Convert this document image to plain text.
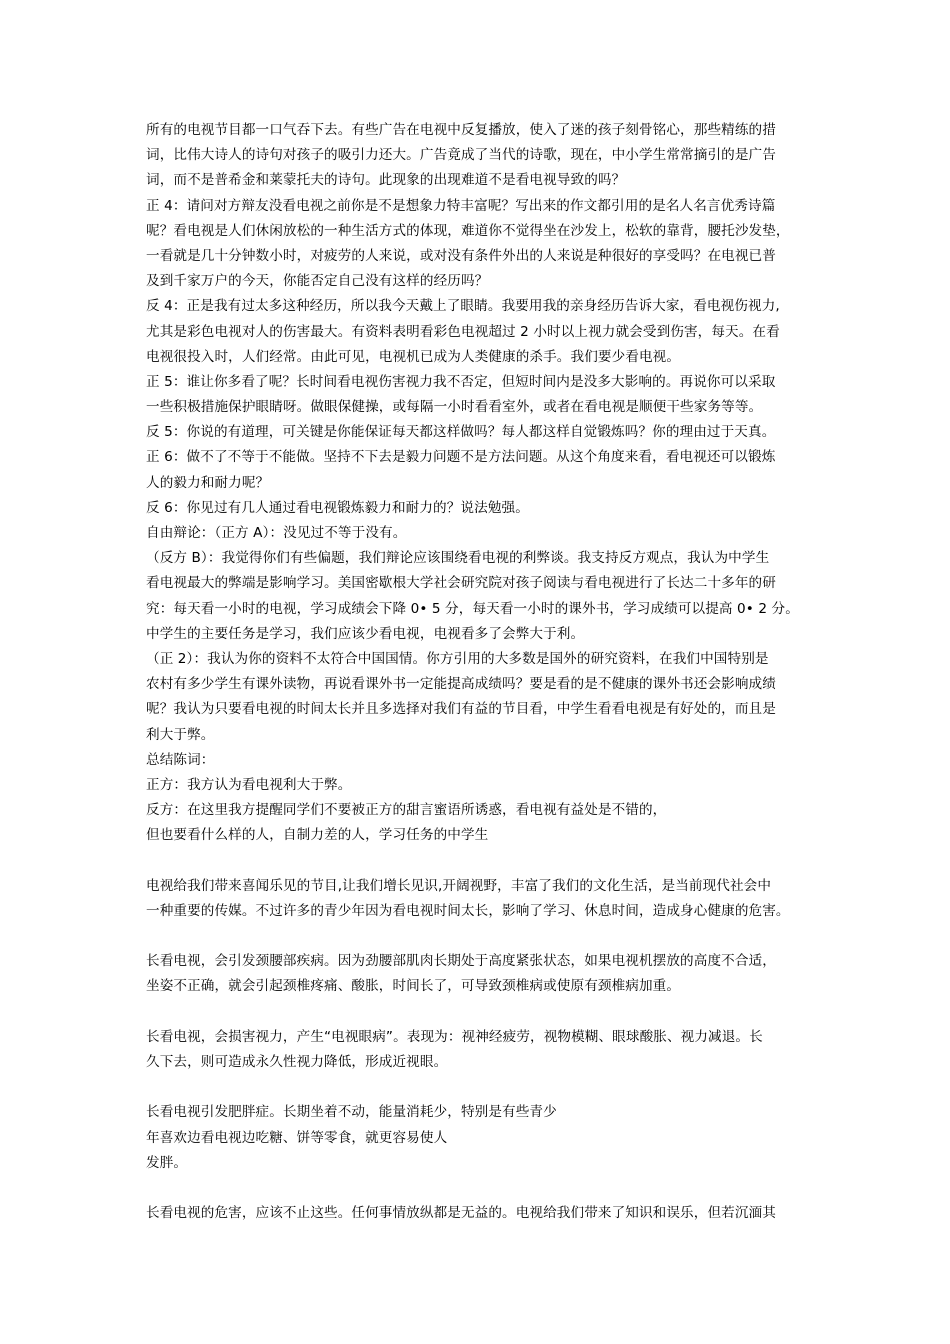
所有的电视节目都一口气吞下去。有些广告在电视中反复播放，使入了迷的孩子刻骨铭心，那些精练的措
词，比伟大诗人的诗句对孩子的吸引力还大。广告竟成了当代的诗歌，现在，中小学生常常摘引的是广告
词，而不是普希金和莱蒙托夫的诗句。此现象的出现难道不是看电视导致的吗？
正 4：请问对方辩友没看电视之前你是不是想象力特丰富呢？写出来的作文都引用的是名人名言优秀诗篇
呢？看电视是人们休闲放松的一种生活方式的体现，难道你不觉得坐在沙发上，松软的靠背，腰托沙发垫，
一看就是几十分钟数小时，对疲劳的人来说，或对没有条件外出的人来说是种很好的享受吗？在电视已普
及到千家万户的今天，你能否定自己没有这样的经历吗？
反 4：正是我有过太多这种经历，所以我今天戴上了眼睛。我要用我的亲身经历告诉大家，看电视伤视力,
尤其是彩色电视对人的伤害最大。有资料表明看彩色电视超过 2 小时以上视力就会受到伤害，每天。在看
电视很投入时，人们经常。由此可见，电视机已成为人类健康的杀手。我们要少看电视。
正 5：谁让你多看了呢？长时间看电视伤害视力我不否定，但短时间内是没多大影响的。再说你可以采取
一些积极措施保护眼睛呀。做眼保健操，或每隔一小时看看室外，或者在看电视是顺便干些家务等等。
反 5：你说的有道理，可关键是你能保证每天都这样做吗？每人都这样自觉锻炼吗？你的理由过于天真。
正 6：做不了不等于不能做。坚持不下去是毅力问题不是方法问题。从这个角度来看，看电视还可以锻炼
人的毅力和耐力呢？
反 6：你见过有几人通过看电视锻炼毅力和耐力的？说法勉强。
自由辩论：（正方 A）：没见过不等于没有。
（反方 B）：我觉得你们有些偏题，我们辩论应该围绕看电视的利弊谈。我支持反方观点，我认为中学生
看电视最大的弊端是影响学习。美国密歇根大学社会研究院对孩子阅读与看电视进行了长达二十多年的研
究：每天看一小时的电视，学习成绩会下降 0• 5 分，每天看一小时的课外书，学习成绩可以提高 0• 2 分。
中学生的主要任务是学习，我们应该少看电视，电视看多了会弊大于利。
（正 2）：我认为你的资料不太符合中国国情。你方引用的大多数是国外的研究资料，在我们中国特别是
农村有多少学生有课外读物，再说看课外书一定能提高成绩吗？要是看的是不健康的课外书还会影响成绩
呢？我认为只要看电视的时间太长并且多选择对我们有益的节目看，中学生看看电视是有好处的，而且是
利大于弊。
总结陈词：
正方：我方认为看电视利大于弊。
反方：在这里我方提醒同学们不要被正方的甜言蜜语所诱惑，看电视有益处是不错的，
但也要看什么样的人，自制力差的人，学习任务的中学生
电视给我们带来喜闻乐见的节目,让我们增长见识,开阔视野，丰富了我们的文化生活，是当前现代社会中
一种重要的传媒。不过许多的青少年因为看电视时间太长，影响了学习、休息时间，造成身心健康的危害。
长看电视，会引发颈腰部疾病。因为劲腰部肌肉长期处于高度紧张状态，如果电视机摆放的高度不合适，
坐姿不正确，就会引起颈椎疼痛、酸胀，时间长了，可导致颈椎病或使原有颈椎病加重。
长看电视，会损害视力，产生“电视眼病”。表现为：视神经疲劳，视物模糊、眼球酸胀、视力减退。长
久下去，则可造成永久性视力降低，形成近视眼。
长看电视引发肥胖症。长期坐着不动，能量消耗少，特别是有些青少
年喜欢边看电视边吃糖、饼等零食，就更容易使人
发胖。
长看电视的危害，应该不止这些。任何事情放纵都是无益的。电视给我们带来了知识和误乐，但若沉湎其
